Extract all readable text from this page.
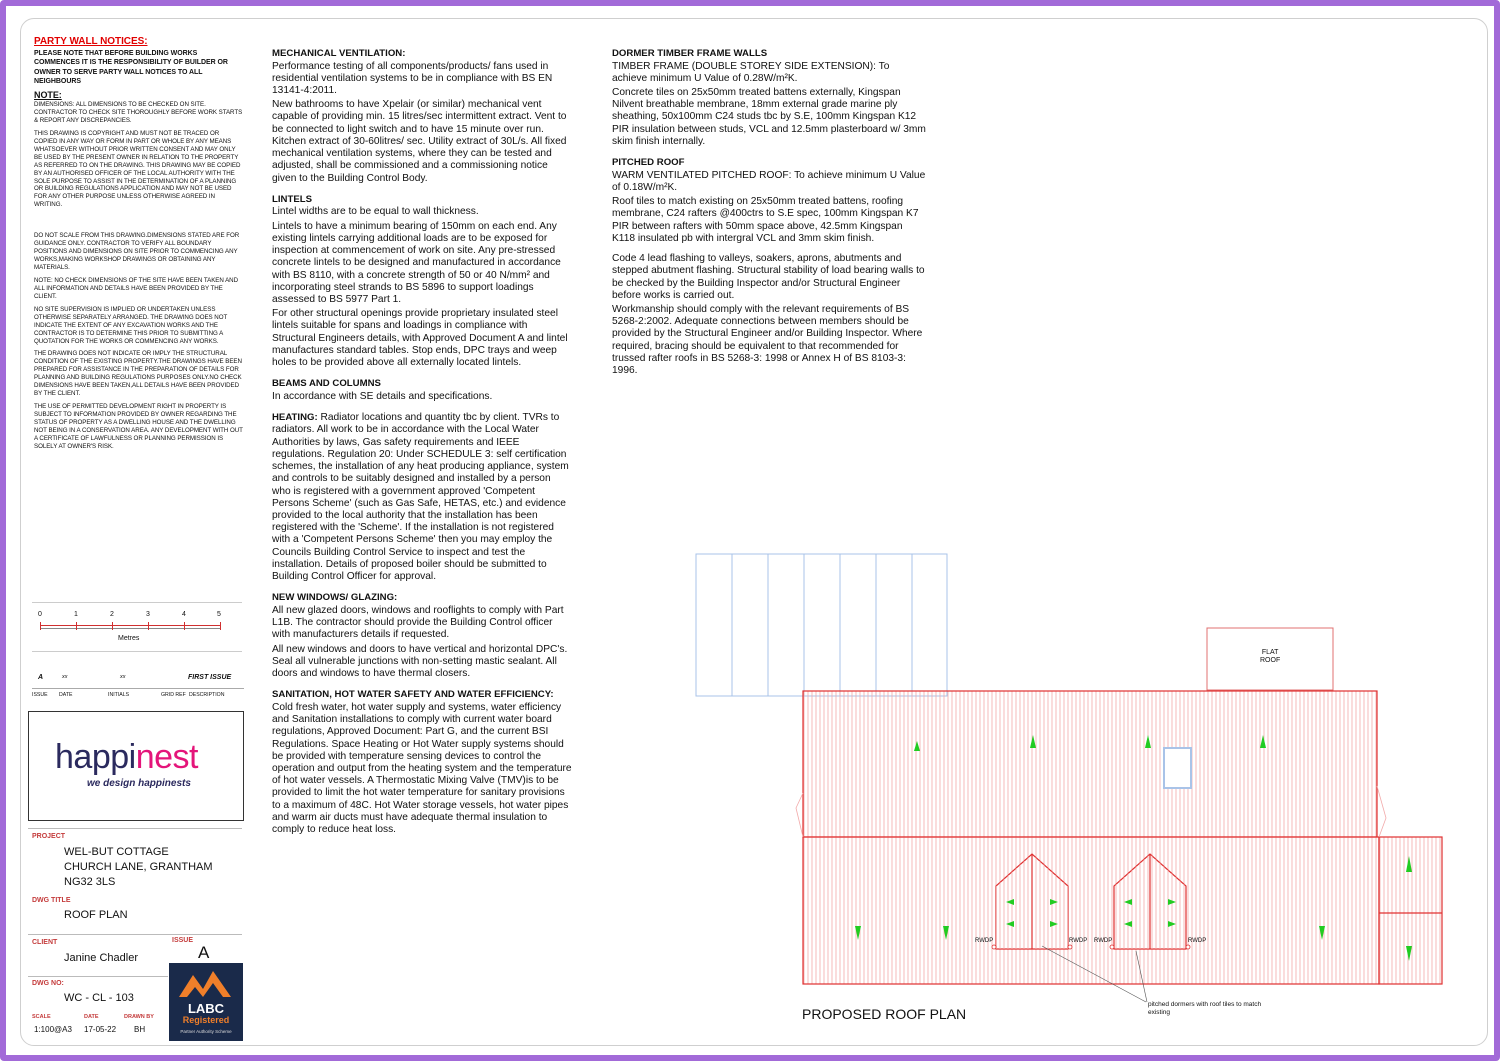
PARTY WALL NOTICES:
PLEASE NOTE THAT BEFORE BUILDING WORKS COMMENCES IT IS THE RESPONSIBILITY OF BUILDER OR OWNER TO SERVE PARTY WALL NOTICES TO ALL NEIGHBOURS
NOTE:

DIMENSIONS: ALL DIMENSIONS TO BE CHECKED ON SITE. CONTRACTOR TO CHECK SITE THOROUGHLY BEFORE WORK STARTS & REPORT ANY DISCREPANCIES.

THIS DRAWING IS COPYRIGHT AND MUST NOT BE TRACED OR COPIED IN ANY WAY OR FORM IN PART OR WHOLE BY ANY MEANS WHATSOEVER WITHOUT PRIOR WRITTEN CONSENT AND MAY ONLY BE USED BY THE PRESENT OWNER IN RELATION TO THE PROPERTY AS REFERRED TO ON THE DRAWING. THIS DRAWING MAY BE COPIED BY AN AUTHORISED OFFICER OF THE LOCAL AUTHORITY WITH THE SOLE PURPOSE TO ASSIST IN THE DETERMINATION OF A PLANNING OR BUILDING REGULATIONS APPLICATION AND MAY NOT BE USED FOR ANY OTHER PURPOSE UNLESS OTHERWISE AGREED IN WRITING.

DO NOT SCALE FROM THIS DRAWING.DIMENSIONS STATED ARE FOR GUIDANCE ONLY. CONTRACTOR TO VERIFY ALL BOUNDARY POSITIONS AND DIMENSIONS ON SITE PRIOR TO COMMENCING ANY WORKS,MAKING WORKSHOP DRAWINGS OR OBTAINING ANY MATERIALS.

NOTE: NO CHECK DIMENSIONS OF THE SITE HAVE BEEN TAKEN AND ALL INFORMATION AND DETAILS HAVE BEEN PROVIDED BY THE CLIENT.

NO SITE SUPERVISION IS IMPLIED OR UNDERTAKEN UNLESS OTHERWISE SEPARATELY ARRANGED. THE DRAWING DOES NOT INDICATE THE EXTENT OF ANY EXCAVATION WORKS AND THE CONTRACTOR IS TO DETERMINE THIS PRIOR TO SUBMITTING A QUOTATION FOR THE WORKS OR COMMENCING ANY WORKS.

THE DRAWING DOES NOT INDICATE OR IMPLY THE STRUCTURAL CONDITION OF THE EXISTING PROPERTY.THE DRAWINGS HAVE BEEN PREPARED FOR ASSISTANCE IN THE PREPARATION OF DETAILS FOR PLANNING AND BUILDING REGULATIONS PURPOSES ONLY.NO CHECK DIMENSIONS HAVE BEEN TAKEN,ALL DETAILS HAVE BEEN PROVIDED BY THE CLIENT.

THE USE OF PERMITTED DEVELOPMENT RIGHT IN PROPERTY IS SUBJECT TO INFORMATION PROVIDED BY OWNER REGARDING THE STATUS OF PROPERTY AS A DWELLING HOUSE AND THE DWELLING NOT BEING IN A CONSERVATION AREA. ANY DEVELOPMENT WITH OUT A CERTIFICATE OF LAWFULNESS OR PLANNING PERMISSION IS SOLELY AT OWNER'S RISK.

0	1	2	3	4	5
Metres
A	xx	xx	FIRST ISSUE
ISSUE DATE	INITIALS	GRID REF DESCRIPTION
happinest
we design happinests
PROJECT
WEL-BUT COTTAGE
CHURCH LANE, GRANTHAM
NG32 3LS
DWG TITLE
ROOF PLAN
CLIENT
Janine Chadler
ISSUE
A
DWG NO:
WC - CL - 103
SCALE
1:100@A3
DATE
17-05-22
DRAWN BY
BH
LABC
Registered
Partner Authority Scheme
MECHANICAL VENTILATION:

Performance testing of all components/products/ fans used in residential ventilation systems to be in compliance with BS EN 13141-4:2011.

New bathrooms to have Xpelair (or similar) mechanical vent capable of providing min. 15 litres/sec intermittent extract. Vent to be connected to light switch and to have 15 minute over run. Kitchen extract of 30-60litres/ sec. Utility extract of 30L/s. All fixed mechanical ventilation systems, where they can be tested and adjusted, shall be commissioned and a commissioning notice given to the Building Control Body.

LINTELS

Lintel widths are to be equal to wall thickness.

Lintels to have a minimum bearing of 150mm on each end. Any existing lintels carrying additional loads are to be exposed for inspection at commencement of work on site. Any pre-stressed concrete lintels to be designed and manufactured in accordance with BS 8110, with a concrete strength of 50 or 40 N/mm² and incorporating steel strands to BS 5896 to support loadings assessed to BS 5977 Part 1.

For other structural openings provide proprietary insulated steel lintels suitable for spans and loadings in compliance with Structural Engineers details, with Approved Document A and lintel manufactures standard tables. Stop ends, DPC trays and weep holes to be provided above all externally located lintels.

BEAMS AND COLUMNS

In accordance with SE details and specifications.

HEATING: Radiator locations and quantity tbc by client. TVRs to radiators. All work to be in accordance with the Local Water Authorities by laws, Gas safety requirements and IEEE regulations. Regulation 20: Under SCHEDULE 3: self certification schemes, the installation of any heat producing appliance, system and controls to be suitably designed and installed by a person who is registered with a government approved 'Competent Persons Scheme' (such as Gas Safe, HETAS, etc.) and evidence provided to the local authority that the installation has been registered with the 'Scheme'. If the installation is not registered with a 'Competent Persons Scheme' then you may employ the Councils Building Control Service to inspect and test the installation. Details of proposed boiler should be submitted to Building Control Officer for approval.

NEW WINDOWS/ GLAZING:

All new glazed doors, windows and rooflights to comply with Part L1B. The contractor should provide the Building Control officer with manufacturers details if requested.

All new windows and doors to have vertical and horizontal DPC's. Seal all vulnerable junctions with non-setting mastic sealant. All doors and windows to have thermal closers.

SANITATION, HOT WATER SAFETY AND WATER EFFICIENCY:

Cold fresh water, hot water supply and systems, water efficiency and Sanitation installations to comply with current water board regulations, Approved Document: Part G, and the current BSI Regulations. Space Heating or Hot Water supply systems should be provided with temperature sensing devices to control the operation and output from the heating system and the temperature of hot water vessels. A Thermostatic Mixing Valve (TMV)is to be provided to limit the hot water temperature for sanitary provisions to a maximum of 48C. Hot Water storage vessels, hot water pipes and warm air ducts must have adequate thermal insulation to comply to reduce heat loss.

DORMER TIMBER FRAME WALLS

TIMBER FRAME (DOUBLE STOREY SIDE EXTENSION): To achieve minimum U Value of 0.28W/m²K.

Concrete tiles on 25x50mm treated battens externally, Kingspan Nilvent breathable membrane, 18mm external grade marine ply sheathing, 50x100mm C24 studs tbc by S.E, 100mm Kingspan K12 PIR insulation between studs, VCL and 12.5mm plasterboard w/ 3mm skim finish internally.

PITCHED ROOF

WARM VENTILATED PITCHED ROOF: To achieve minimum U Value of 0.18W/m²K.

Roof tiles to match existing on 25x50mm treated battens, roofing membrane, C24 rafters @400ctrs to S.E spec, 100mm Kingspan K7 PIR between rafters with 50mm space above, 42.5mm Kingspan K118 insulated pb with intergral VCL and 3mm skim finish.

Code 4 lead flashing to valleys, soakers, aprons, abutments and stepped abutment flashing. Structural stability of load bearing walls to be checked by the Building Inspector and/or Structural Engineer before works is carried out.

Workmanship should comply with the relevant requirements of BS 5268-2:2002. Adequate connections between members should be provided by the Structural Engineer and/or Building Inspector. Where required, bracing should be equivalent to that recommended for trussed rafter roofs in BS 5268-3: 1998 or Annex H of BS 8103-3: 1996.

FLAT
ROOF
RWDP	RWDP RWDP	RWDP
pitched dormers with roof tiles to match existing
PROPOSED ROOF PLAN
